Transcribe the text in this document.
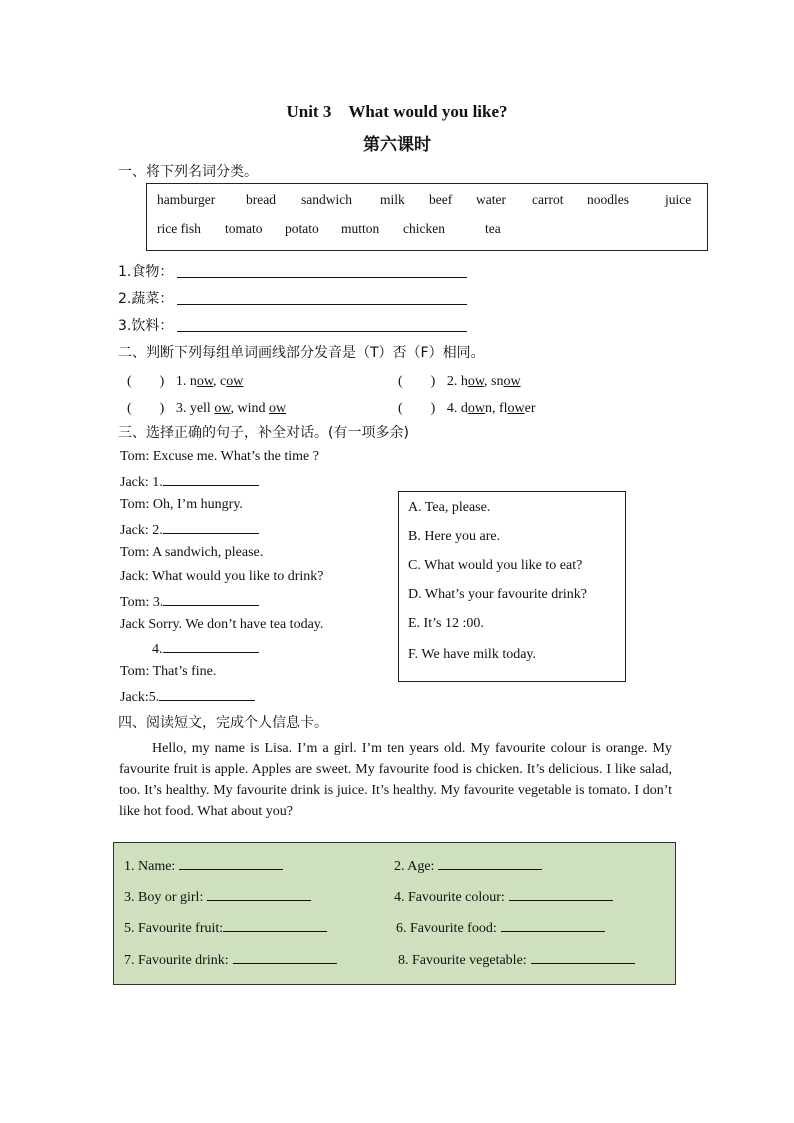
Unit 3　What would you like?
第六课时
一、将下列名词分类。
hamburger bread sandwich milk beef water carrot noodles	juice
rice fish tomato potato mutton chicken	tea
1.食物：
2.蔬菜：
3.饮料：
二、判断下列每组单词画线部分发音是（T）否（F）相同。
(　　) 1. now, cow	(　　) 2. how, snow
(　　) 3. yell ow, wind ow	(　　) 4. down, flower
三、选择正确的句子，补全对话。(有一项多余)
Tom: Excuse me. What’s the time ?
Jack: 1.
Tom: Oh, I’m hungry.
Jack: 2.
Tom: A sandwich, please.
Jack: What would you like to drink?
Tom: 3.
Jack Sorry. We don’t have tea today.
4.
Tom: That’s fine.
Jack:5.
A. Tea, please.
B. Here you are.
C. What would you like to eat?
D. What’s your favourite drink?
E. It’s 12 :00.
F. We have milk today.
四、阅读短文，完成个人信息卡。

Hello, my name is Lisa. I’m a girl. I’m ten years old. My favourite colour is orange. My favourite fruit is apple. Apples are sweet. My favourite food is chicken. It’s delicious. I like salad, too. It’s healthy. My favourite drink is juice. It’s healthy. My favourite vegetable is tomato. I don’t like hot food. What about you?

1. Name:	2. Age:
3. Boy or girl:	4. Favourite colour:
5. Favourite fruit:	6. Favourite food:
7. Favourite drink:	8. Favourite vegetable:
